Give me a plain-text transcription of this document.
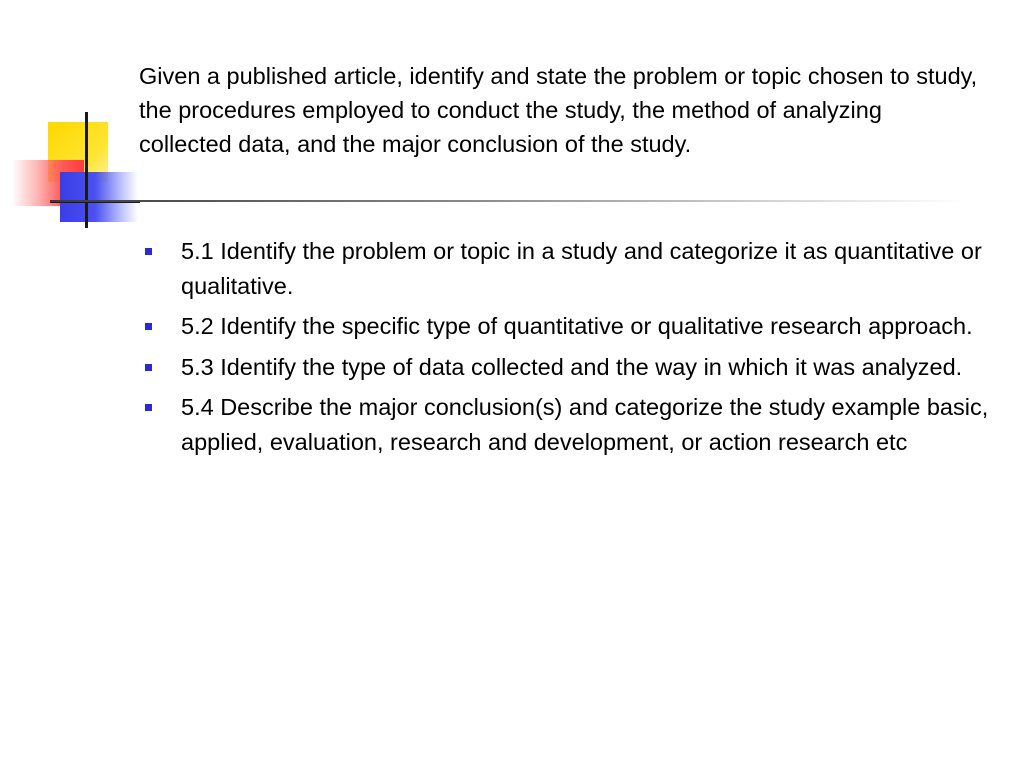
Given a published article, identify and state the problem or topic chosen to study, the procedures employed to conduct the study, the method of analyzing collected data, and the major conclusion of the study.
5.1 Identify the problem or topic in a study and categorize it as quantitative or qualitative.
5.2 Identify the specific type of quantitative or qualitative research approach.
5.3 Identify the type of data collected and the way in which it was analyzed.
5.4 Describe the major conclusion(s) and categorize the study example basic, applied, evaluation, research and development, or action research etc
